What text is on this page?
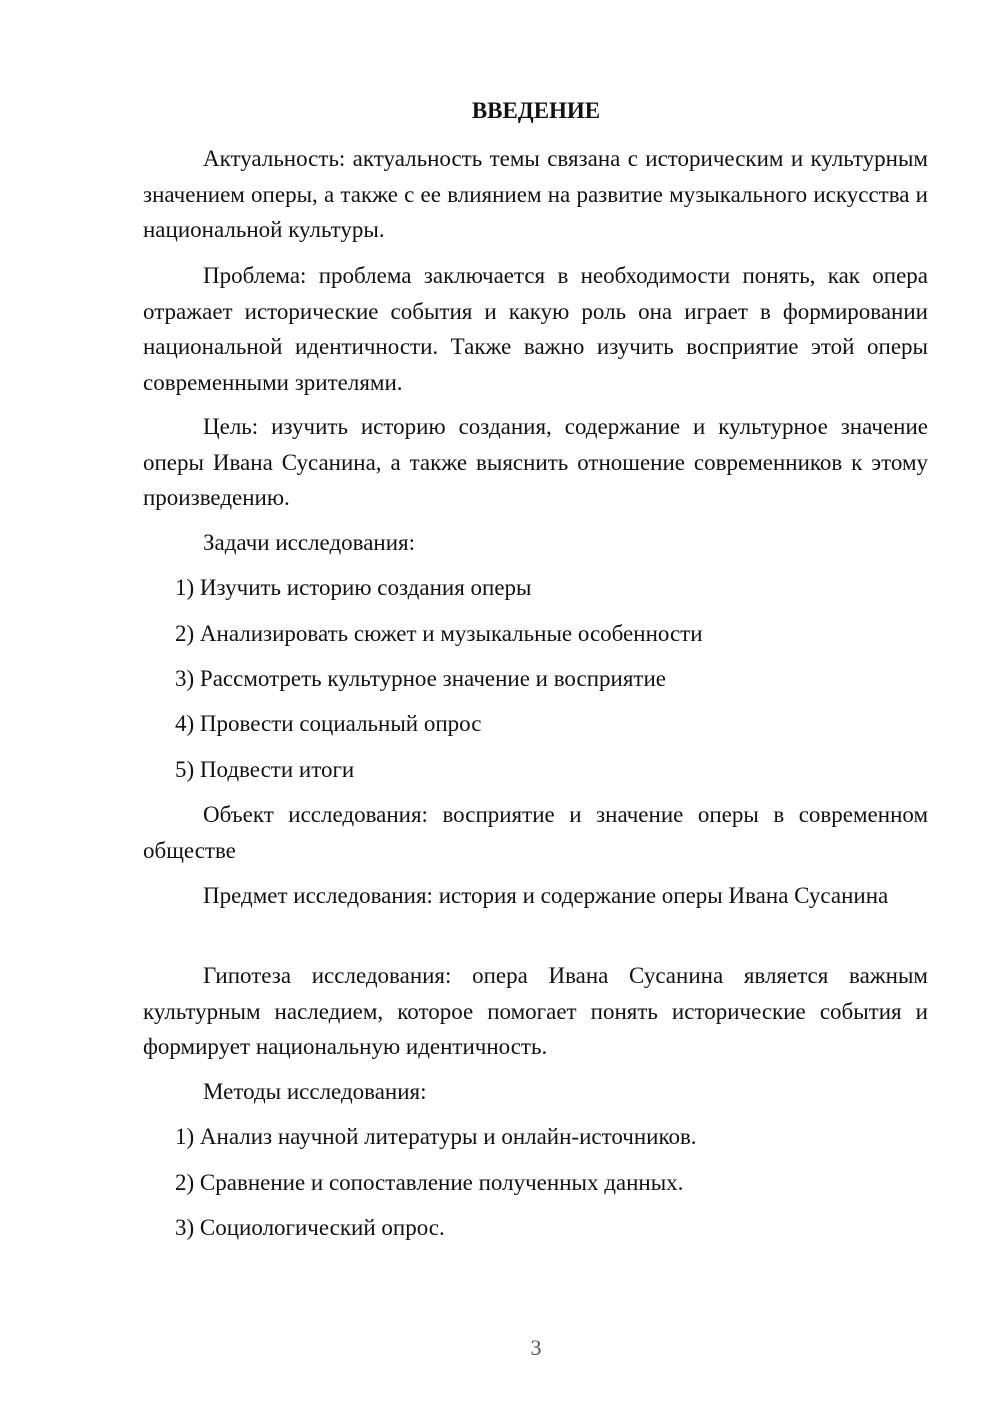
ВВЕДЕНИЕ

Актуальность: актуальность темы связана с историческим и культурным значением оперы, а также с ее влиянием на развитие музыкального искусства и национальной культуры.

Проблема: проблема заключается в необходимости понять, как опера отражает исторические события и какую роль она играет в формировании национальной идентичности. Также важно изучить восприятие этой оперы современными зрителями.

Цель: изучить историю создания, содержание и культурное значение оперы Ивана Сусанина, а также выяснить отношение современников к этому произведению.

Задачи исследования:

1) Изучить историю создания оперы

2) Анализировать сюжет и музыкальные особенности

3) Рассмотреть культурное значение и восприятие

4) Провести социальный опрос

5) Подвести итоги

Объект исследования: восприятие и значение оперы в современном обществе

Предмет исследования: история и содержание оперы Ивана Сусанина

Гипотеза исследования: опера Ивана Сусанина является важным культурным наследием, которое помогает понять исторические события и формирует национальную идентичность.

Методы исследования:

1) Анализ научной литературы и онлайн-источников.

2) Сравнение и сопоставление полученных данных.

3) Социологический опрос.

3
